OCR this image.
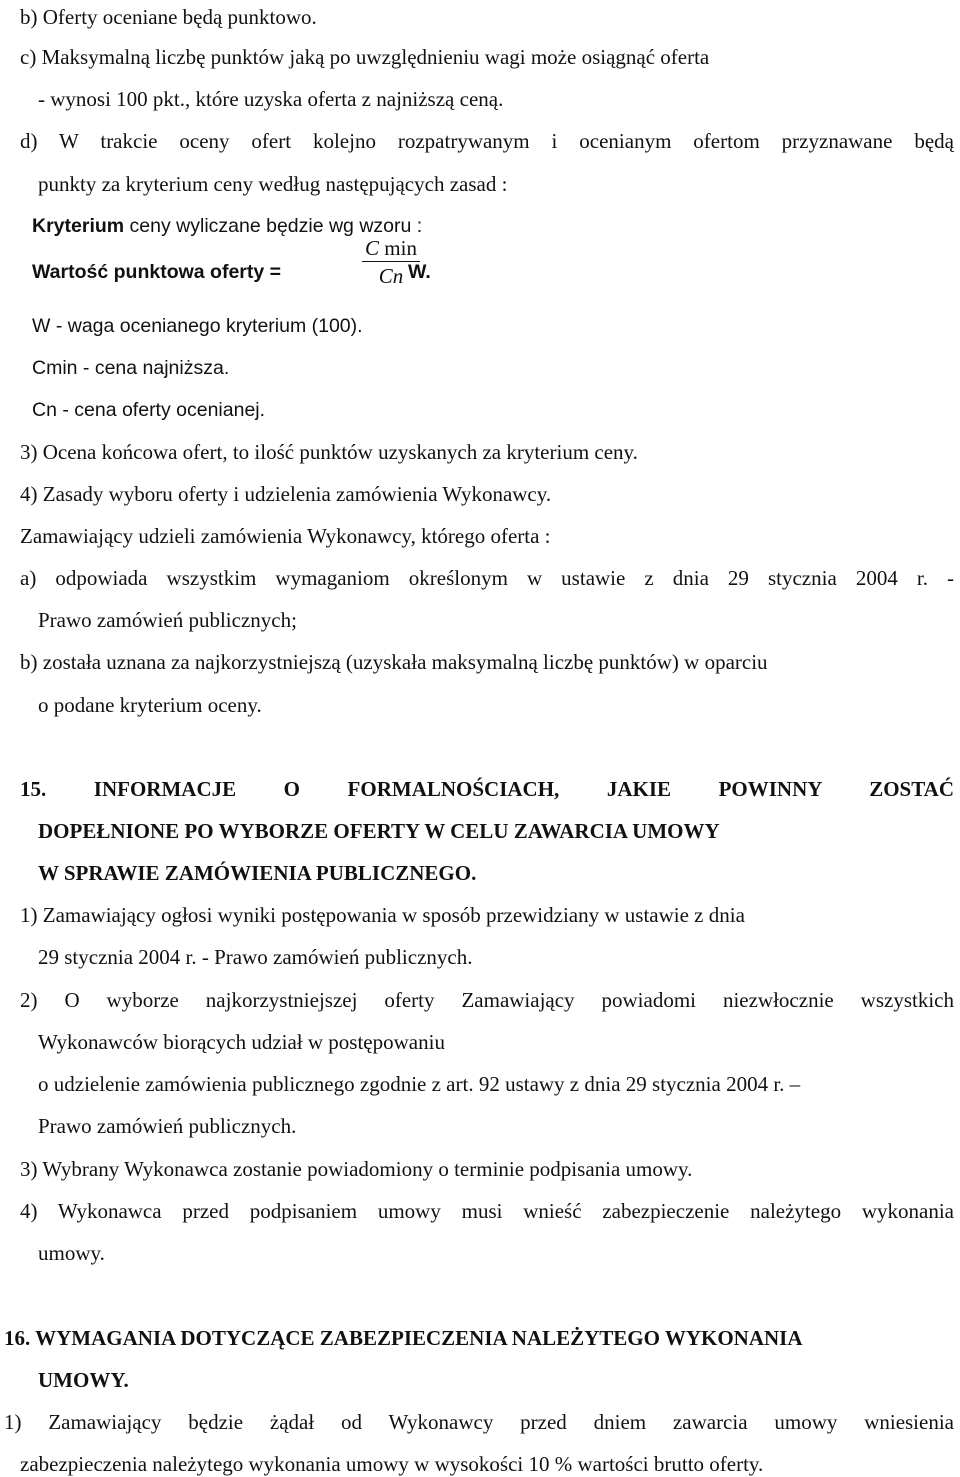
b) Oferty oceniane będą punktowo.
c) Maksymalną liczbę punktów jaką po uwzględnieniu wagi może osiągnąć oferta
- wynosi 100 pkt., które uzyska oferta z najniższą ceną.
d) W trakcie oceny ofert kolejno rozpatrywanym i ocenianym ofertom przyznawane będą
punkty za kryterium ceny według następujących zasad :
Kryterium ceny wyliczane będzie wg wzoru :
Wartość punktowa oferty =
C min
Cn W.
W - waga ocenianego kryterium (100).
Cmin - cena najniższa.
Cn - cena oferty ocenianej.
3) Ocena końcowa ofert, to ilość punktów uzyskanych za kryterium ceny.
4) Zasady wyboru oferty i udzielenia zamówienia Wykonawcy.
Zamawiający udzieli zamówienia Wykonawcy, którego oferta :
a) odpowiada wszystkim wymaganiom określonym w ustawie z dnia 29 stycznia 2004 r. -
Prawo zamówień publicznych;
b) została uznana za najkorzystniejszą (uzyskała maksymalną liczbę punktów) w oparciu
o podane kryterium oceny.
15. INFORMACJE O FORMALNOŚCIACH, JAKIE POWINNY ZOSTAĆ
DOPEŁNIONE PO WYBORZE OFERTY W CELU ZAWARCIA UMOWY
W SPRAWIE ZAMÓWIENIA PUBLICZNEGO.
1) Zamawiający ogłosi wyniki postępowania w sposób przewidziany w ustawie z dnia
29 stycznia 2004 r. - Prawo zamówień publicznych.
2) O wyborze najkorzystniejszej oferty Zamawiający powiadomi niezwłocznie wszystkich
Wykonawców biorących udział w postępowaniu
o udzielenie zamówienia publicznego zgodnie z art. 92 ustawy z dnia 29 stycznia 2004 r. –
Prawo zamówień publicznych.
3) Wybrany Wykonawca zostanie powiadomiony o terminie podpisania umowy.
4) Wykonawca przed podpisaniem umowy musi wnieść zabezpieczenie należytego wykonania
umowy.
16. WYMAGANIA DOTYCZĄCE ZABEZPIECZENIA NALEŻYTEGO WYKONANIA
UMOWY.
1) Zamawiający będzie żądał od Wykonawcy przed dniem zawarcia umowy wniesienia
zabezpieczenia należytego wykonania umowy w wysokości 10 % wartości brutto oferty.
